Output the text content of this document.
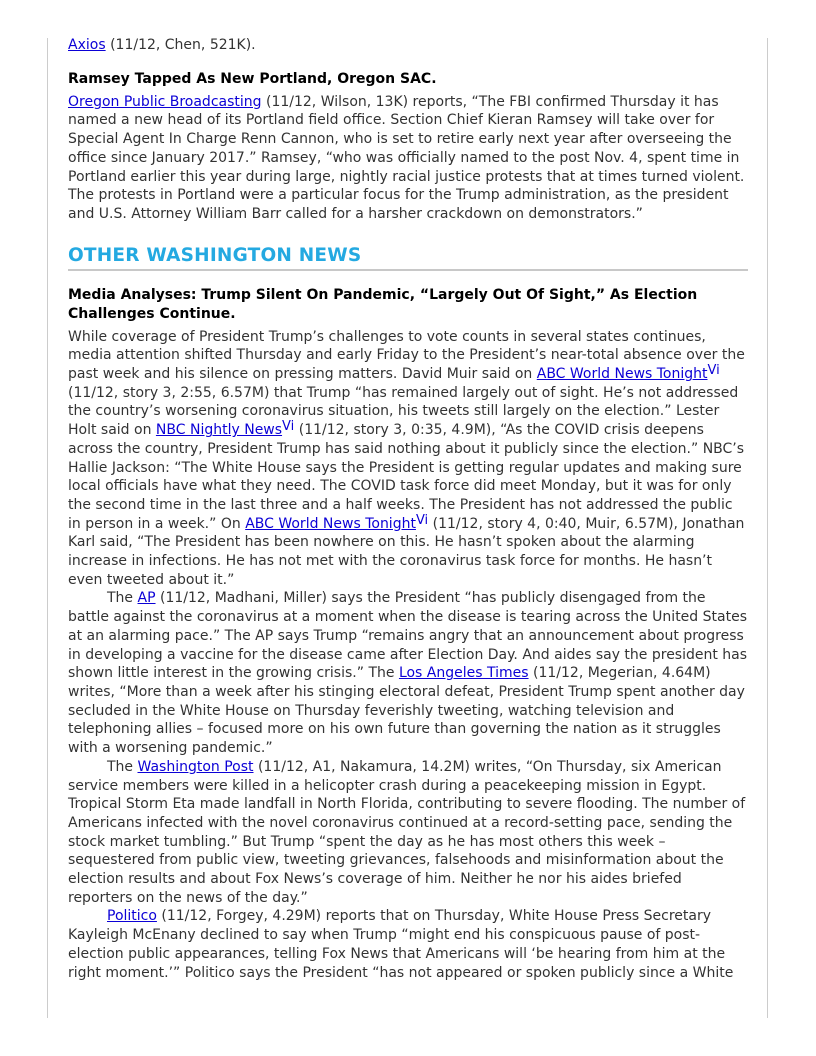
Axios (11/12, Chen, 521K).

Ramsey Tapped As New Portland, Oregon SAC.

Oregon Public Broadcasting (11/12, Wilson, 13K) reports, “The FBI confirmed Thursday it has named a new head of its Portland field office. Section Chief Kieran Ramsey will take over for Special Agent In Charge Renn Cannon, who is set to retire early next year after overseeing the office since January 2017.” Ramsey, “who was officially named to the post Nov. 4, spent time in Portland earlier this year during large, nightly racial justice protests that at times turned violent. The protests in Portland were a particular focus for the Trump administration, as the president and U.S. Attorney William Barr called for a harsher crackdown on demonstrators.”

OTHER WASHINGTON NEWS
Media Analyses: Trump Silent On Pandemic, “Largely Out Of Sight,” As Election Challenges Continue.

While coverage of President Trump’s challenges to vote counts in several states continues, media attention shifted Thursday and early Friday to the President’s near-total absence over the past week and his silence on pressing matters. David Muir said on ABC World News Tonight$^{Vi}$ (11/12, story 3, 2:55, 6.57M) that Trump “has remained largely out of sight. He’s not addressed the country’s worsening coronavirus situation, his tweets still largely on the election.” Lester Holt said on NBC Nightly News$^{Vi}$ (11/12, story 3, 0:35, 4.9M), “As the COVID crisis deepens across the country, President Trump has said nothing about it publicly since the election.” NBC’s Hallie Jackson: “The White House says the President is getting regular updates and making sure local officials have what they need. The COVID task force did meet Monday, but it was for only the second time in the last three and a half weeks. The President has not addressed the public in person in a week.” On ABC World News Tonight$^{Vi}$ (11/12, story 4, 0:40, Muir, 6.57M), Jonathan Karl said, “The President has been nowhere on this. He hasn’t spoken about the alarming increase in infections. He has not met with the coronavirus task force for months. He hasn’t even tweeted about it.”

The AP (11/12, Madhani, Miller) says the President “has publicly disengaged from the battle against the coronavirus at a moment when the disease is tearing across the United States at an alarming pace.” The AP says Trump “remains angry that an announcement about progress in developing a vaccine for the disease came after Election Day. And aides say the president has shown little interest in the growing crisis.” The Los Angeles Times (11/12, Megerian, 4.64M) writes, “More than a week after his stinging electoral defeat, President Trump spent another day secluded in the White House on Thursday feverishly tweeting, watching television and telephoning allies – focused more on his own future than governing the nation as it struggles with a worsening pandemic.”

The Washington Post (11/12, A1, Nakamura, 14.2M) writes, “On Thursday, six American service members were killed in a helicopter crash during a peacekeeping mission in Egypt. Tropical Storm Eta made landfall in North Florida, contributing to severe flooding. The number of Americans infected with the novel coronavirus continued at a record-setting pace, sending the stock market tumbling.” But Trump “spent the day as he has most others this week – sequestered from public view, tweeting grievances, falsehoods and misinformation about the election results and about Fox News’s coverage of him. Neither he nor his aides briefed reporters on the news of the day.”

Politico (11/12, Forgey, 4.29M) reports that on Thursday, White House Press Secretary Kayleigh McEnany declined to say when Trump “might end his conspicuous pause of post-election public appearances, telling Fox News that Americans will ‘be hearing from him at the right moment.’” Politico says the President “has not appeared or spoken publicly since a White
